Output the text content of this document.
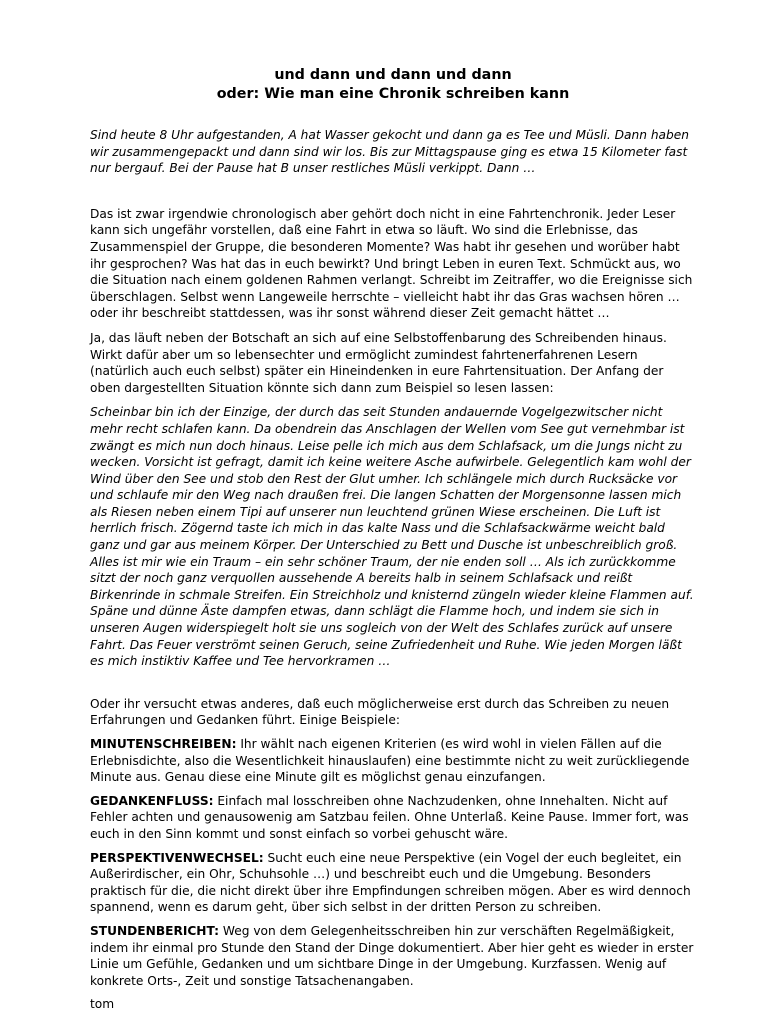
und dann und dann und dann
oder: Wie man eine Chronik schreiben kann

Sind heute 8 Uhr aufgestanden, A hat Wasser gekocht und dann ga es Tee und Müsli. Dann haben wir zusammengepackt und dann sind wir los. Bis zur Mittagspause ging es etwa 15 Kilometer fast nur bergauf. Bei der Pause hat B unser restliches Müsli verkippt. Dann …

Das ist zwar irgendwie chronologisch aber gehört doch nicht in eine Fahrtenchronik. Jeder Leser kann sich ungefähr vorstellen, daß eine Fahrt in etwa so läuft. Wo sind die Erlebnisse, das Zusammenspiel der Gruppe, die besonderen Momente? Was habt ihr gesehen und worüber habt ihr gesprochen? Was hat das in euch bewirkt? Und bringt Leben in euren Text. Schmückt aus, wo die Situation nach einem goldenen Rahmen verlangt. Schreibt im Zeitraffer, wo die Ereignisse sich überschlagen. Selbst wenn Langeweile herrschte – vielleicht habt ihr das Gras wachsen hören … oder ihr beschreibt stattdessen, was ihr sonst während dieser Zeit gemacht hättet …

Ja, das läuft neben der Botschaft an sich auf eine Selbstoffenbarung des Schreibenden hinaus. Wirkt dafür aber um so lebensechter und ermöglicht zumindest fahrtenerfahrenen Lesern (natürlich auch euch selbst) später ein Hineindenken in eure Fahrtensituation. Der Anfang der oben dargestellten Situation könnte sich dann zum Beispiel so lesen lassen:

Scheinbar bin ich der Einzige, der durch das seit Stunden andauernde Vogelgezwitscher nicht mehr recht schlafen kann. Da obendrein das Anschlagen der Wellen vom See gut vernehmbar ist zwängt es mich nun doch hinaus. Leise pelle ich mich aus dem Schlafsack, um die Jungs nicht zu wecken. Vorsicht ist gefragt, damit ich keine weitere Asche aufwirbele. Gelegentlich kam wohl der Wind über den See und stob den Rest der Glut umher. Ich schlängele mich durch Rucksäcke vor und schlaufe mir den Weg nach draußen frei. Die langen Schatten der Morgensonne lassen mich als Riesen neben einem Tipi auf unserer nun leuchtend grünen Wiese erscheinen. Die Luft ist herrlich frisch. Zögernd taste ich mich in das kalte Nass und die Schlafsackwärme weicht bald ganz und gar aus meinem Körper. Der Unterschied zu Bett und Dusche ist unbeschreiblich groß. Alles ist mir wie ein Traum – ein sehr schöner Traum, der nie enden soll … Als ich zurückkomme sitzt der noch ganz verquollen aussehende A bereits halb in seinem Schlafsack und reißt Birkenrinde in schmale Streifen. Ein Streichholz und knisternd züngeln wieder kleine Flammen auf. Späne und dünne Äste dampfen etwas, dann schlägt die Flamme hoch, und indem sie sich in unseren Augen widerspiegelt holt sie uns sogleich von der Welt des Schlafes zurück auf unsere Fahrt. Das Feuer verströmt seinen Geruch, seine Zufriedenheit und Ruhe. Wie jeden Morgen läßt es mich instiktiv Kaffee und Tee hervorkramen …

Oder ihr versucht etwas anderes, daß euch möglicherweise erst durch das Schreiben zu neuen Erfahrungen und Gedanken führt. Einige Beispiele:

MINUTENSCHREIBEN: Ihr wählt nach eigenen Kriterien (es wird wohl in vielen Fällen auf die Erlebnisdichte, also die Wesentlichkeit hinauslaufen) eine bestimmte nicht zu weit zurückliegende Minute aus. Genau diese eine Minute gilt es möglichst genau einzufangen.

GEDANKENFLUSS: Einfach mal losschreiben ohne Nachzudenken, ohne Innehalten. Nicht auf Fehler achten und genausowenig am Satzbau feilen. Ohne Unterlaß. Keine Pause. Immer fort, was euch in den Sinn kommt und sonst einfach so vorbei gehuscht wäre.

PERSPEKTIVENWECHSEL: Sucht euch eine neue Perspektive (ein Vogel der euch begleitet, ein Außerirdischer, ein Ohr, Schuhsohle …) und beschreibt euch und die Umgebung. Besonders praktisch für die, die nicht direkt über ihre Empfindungen schreiben mögen. Aber es wird dennoch spannend, wenn es darum geht, über sich selbst in der dritten Person zu schreiben.

STUNDENBERICHT: Weg von dem Gelegenheitsschreiben hin zur verschäften Regelmäßigkeit, indem ihr einmal pro Stunde den Stand der Dinge dokumentiert. Aber hier geht es wieder in erster Linie um Gefühle, Gedanken und um sichtbare Dinge in der Umgebung. Kurzfassen. Wenig auf konkrete Orts-, Zeit und sonstige Tatsachenangaben.

tom
